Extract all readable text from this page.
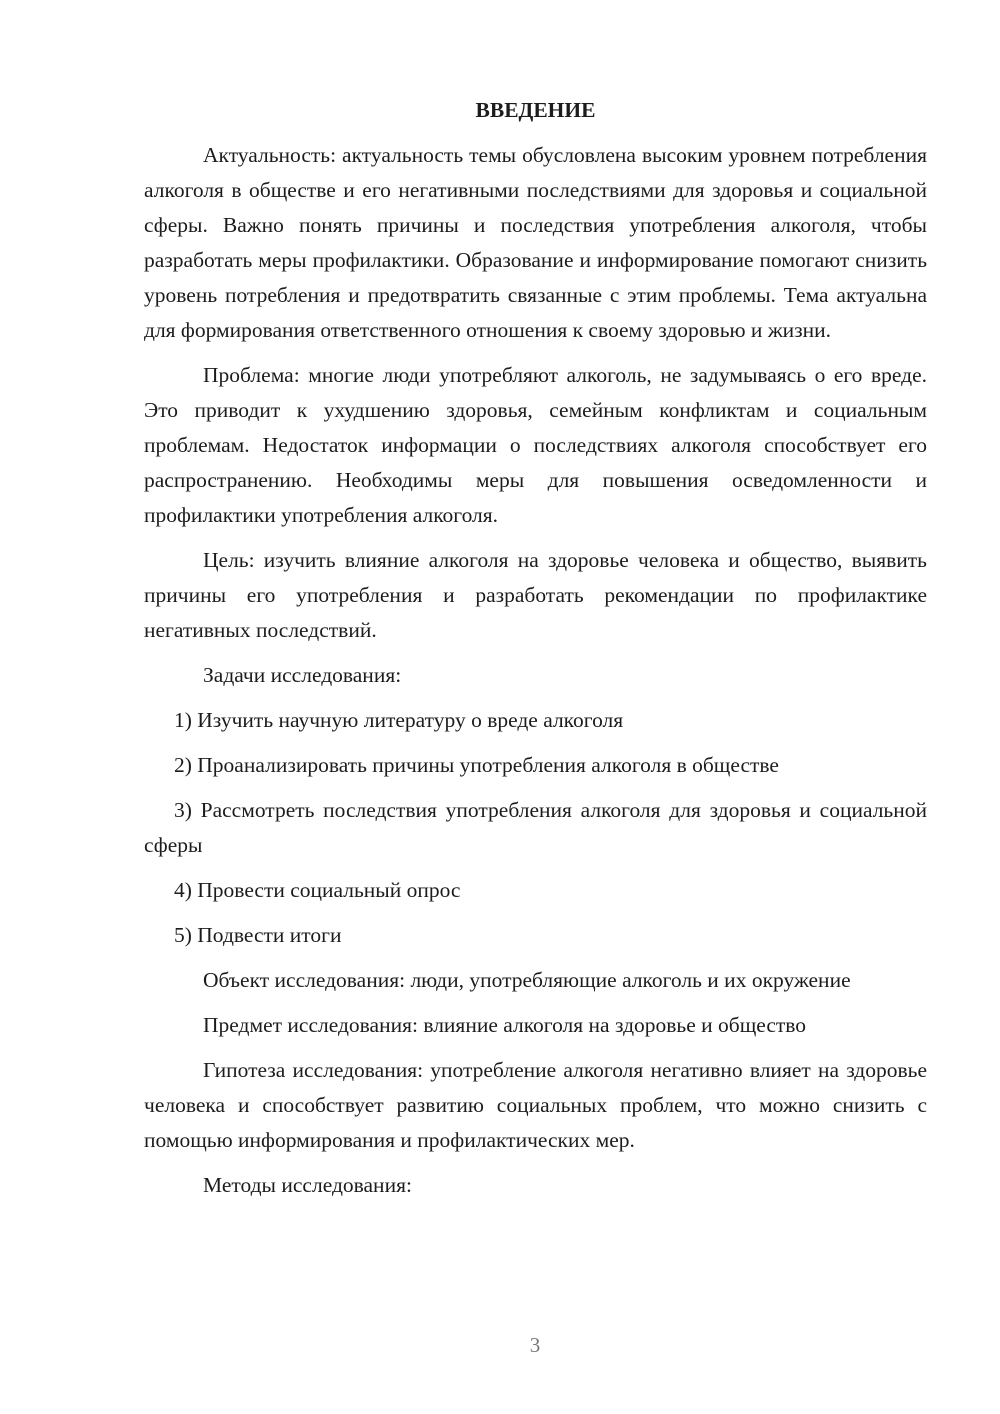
ВВЕДЕНИЕ

Актуальность: актуальность темы обусловлена высоким уровнем потребления алкоголя в обществе и его негативными последствиями для здоровья и социальной сферы. Важно понять причины и последствия употребления алкоголя, чтобы разработать меры профилактики. Образование и информирование помогают снизить уровень потребления и предотвратить связанные с этим проблемы. Тема актуальна для формирования ответственного отношения к своему здоровью и жизни.

Проблема: многие люди употребляют алкоголь, не задумываясь о его вреде. Это приводит к ухудшению здоровья, семейным конфликтам и социальным проблемам. Недостаток информации о последствиях алкоголя способствует его распространению. Необходимы меры для повышения осведомленности и профилактики употребления алкоголя.

Цель: изучить влияние алкоголя на здоровье человека и общество, выявить причины его употребления и разработать рекомендации по профилактике негативных последствий.

Задачи исследования:

1) Изучить научную литературу о вреде алкоголя

2) Проанализировать причины употребления алкоголя в обществе

3) Рассмотреть последствия употребления алкоголя для здоровья и социальной сферы

4) Провести социальный опрос

5) Подвести итоги

Объект исследования: люди, употребляющие алкоголь и их окружение

Предмет исследования: влияние алкоголя на здоровье и общество

Гипотеза исследования: употребление алкоголя негативно влияет на здоровье человека и способствует развитию социальных проблем, что можно снизить с помощью информирования и профилактических мер.

Методы исследования:

3
